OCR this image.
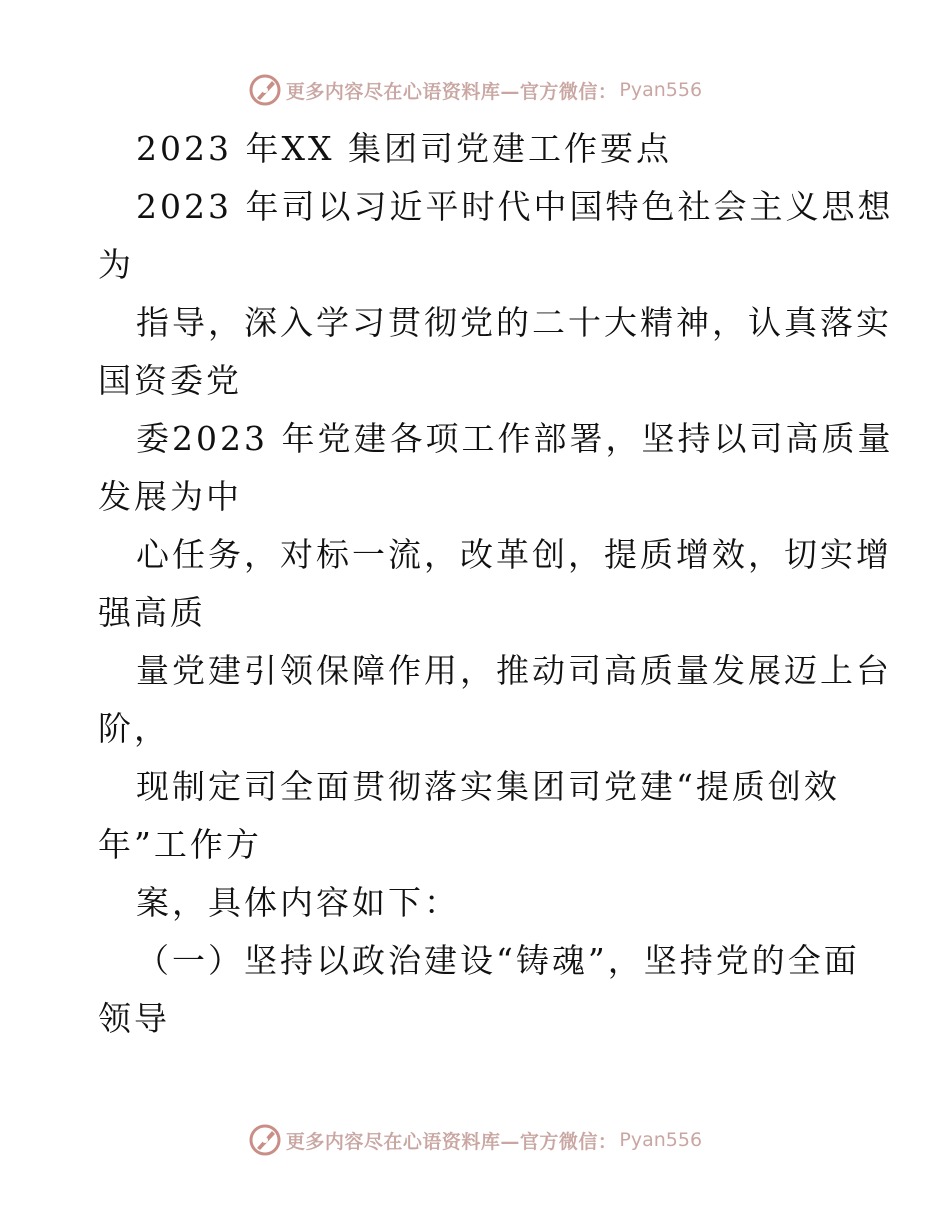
更多内容尽在心语资料库—官方微信： Pyan556
2023 年XX 集团司党建工作要点
2023 年司以习近平时代中国特色社会主义思想
为
指导，深入学习贯彻党的二十大精神，认真落实
国资委党
委2023 年党建各项工作部署，坚持以司高质量
发展为中
心任务，对标一流，改革创，提质增效，切实增
强高质
量党建引领保障作用，推动司高质量发展迈上台
阶，
现制定司全面贯彻落实集团司党建“提质创效
年”工作方
案，具体内容如下：
（一）坚持以政治建设“铸魂”，坚持党的全面
领导
更多内容尽在心语资料库—官方微信： Pyan556
